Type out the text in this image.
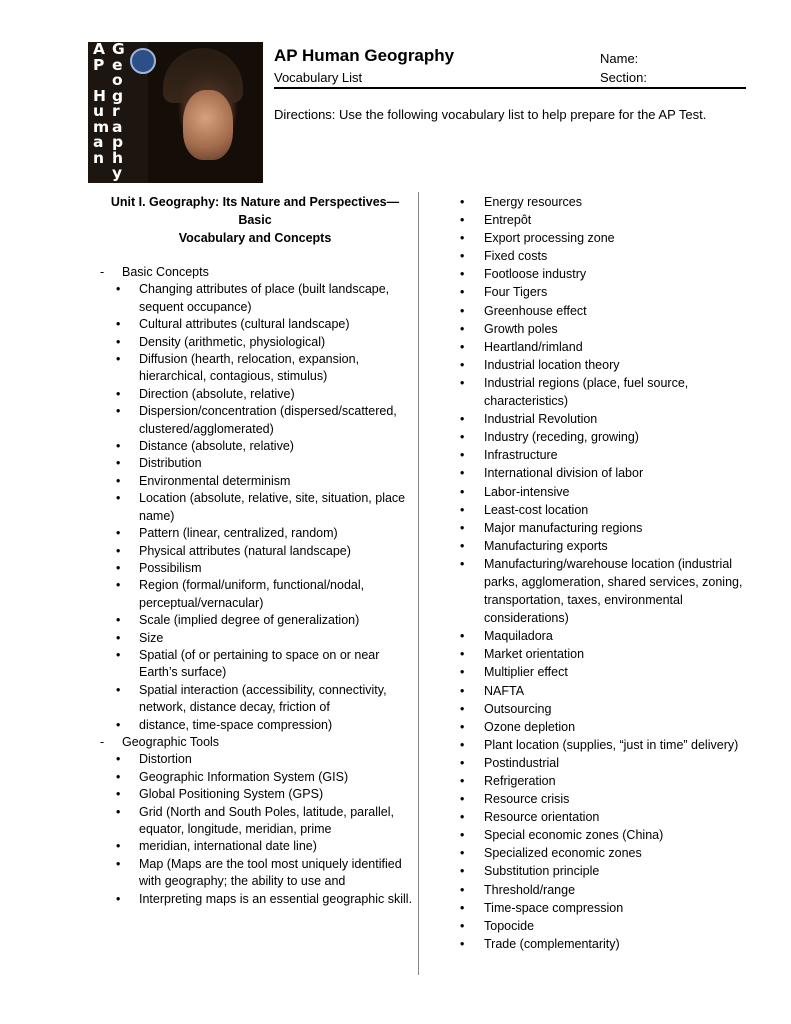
A
P
H
u
m
a
n
G
e
o
g
r
a
p
h
y
AP Human Geography
Vocabulary List
Name:
Section:
Directions: Use the following vocabulary list to help prepare for the AP Test.
Unit I. Geography: Its Nature and Perspectives—Basic
Vocabulary and Concepts
- Basic Concepts
• Changing attributes of place (built landscape, sequent occupance)
• Cultural attributes (cultural landscape)
• Density (arithmetic, physiological)
• Diffusion (hearth, relocation, expansion, hierarchical, contagious, stimulus)
• Direction (absolute, relative)
• Dispersion/concentration (dispersed/scattered, clustered/agglomerated)
• Distance (absolute, relative)
• Distribution
• Environmental determinism
• Location (absolute, relative, site, situation, place name)
• Pattern (linear, centralized, random)
• Physical attributes (natural landscape)
• Possibilism
• Region (formal/uniform, functional/nodal, perceptual/vernacular)
• Scale (implied degree of generalization)
• Size
• Spatial (of or pertaining to space on or near Earth’s surface)
• Spatial interaction (accessibility, connectivity, network, distance decay, friction of
• distance, time-space compression)
- Geographic Tools
• Distortion
• Geographic Information System (GIS)
• Global Positioning System (GPS)
• Grid (North and South Poles, latitude, parallel, equator, longitude, meridian, prime
• meridian, international date line)
• Map (Maps are the tool most uniquely identified with geography; the ability to use and
• Interpreting maps is an essential geographic skill.
• Energy resources
• Entrepôt
• Export processing zone
• Fixed costs
• Footloose industry
• Four Tigers
• Greenhouse effect
• Growth poles
• Heartland/rimland
• Industrial location theory
• Industrial regions (place, fuel source, characteristics)
• Industrial Revolution
• Industry (receding, growing)
• Infrastructure
• International division of labor
• Labor-intensive
• Least-cost location
• Major manufacturing regions
• Manufacturing exports
• Manufacturing/warehouse location (industrial parks, agglomeration, shared services, zoning, transportation, taxes, environmental considerations)
• Maquiladora
• Market orientation
• Multiplier effect
• NAFTA
• Outsourcing
• Ozone depletion
• Plant location (supplies, “just in time” delivery)
• Postindustrial
• Refrigeration
• Resource crisis
• Resource orientation
• Special economic zones (China)
• Specialized economic zones
• Substitution principle
• Threshold/range
• Time-space compression
• Topocide
• Trade (complementarity)
